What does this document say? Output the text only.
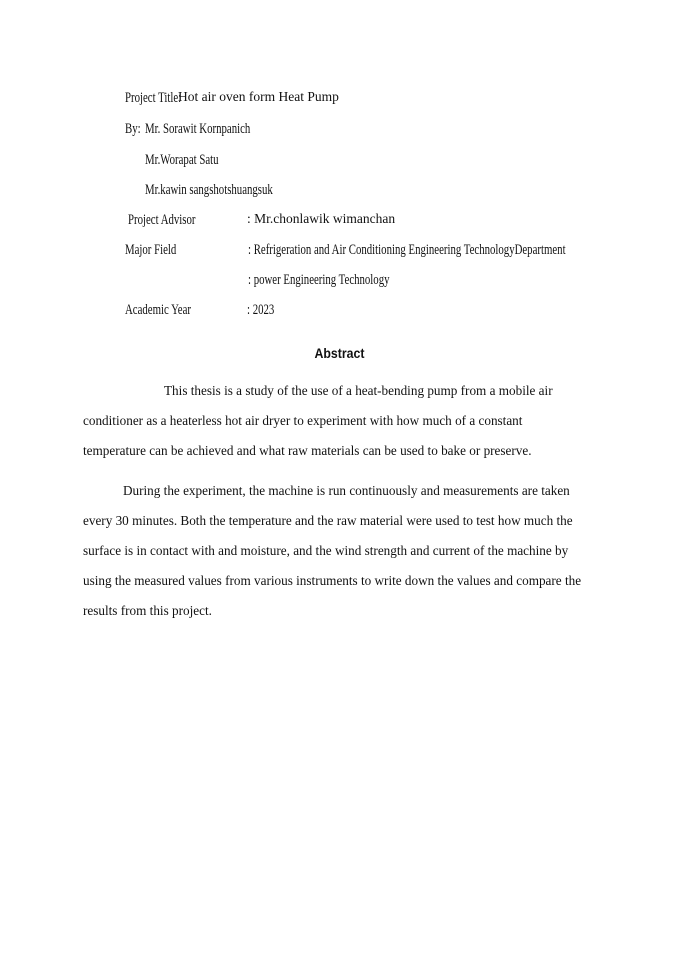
Project Title:
Hot air oven form Heat Pump
By: Mr. Sorawit Kornpanich
Mr.Worapat Satu
Mr.kawin sangshotshuangsuk
Project Advisor	: Mr.chonlawik wimanchan
Major Field	: Refrigeration and Air Conditioning Engineering TechnologyDepartment
: power Engineering Technology
Academic Year	: 2023
Abstract
This thesis is a study of the use of a heat-bending pump from a mobile air
conditioner as a heaterless hot air dryer to experiment with how much of a constant
temperature can be achieved and what raw materials can be used to bake or preserve.
During the experiment, the machine is run continuously and measurements are taken
every 30 minutes. Both the temperature and the raw material were used to test how much the
surface is in contact with and moisture, and the wind strength and current of the machine by
using the measured values from various instruments to write down the values and compare the
results from this project.
